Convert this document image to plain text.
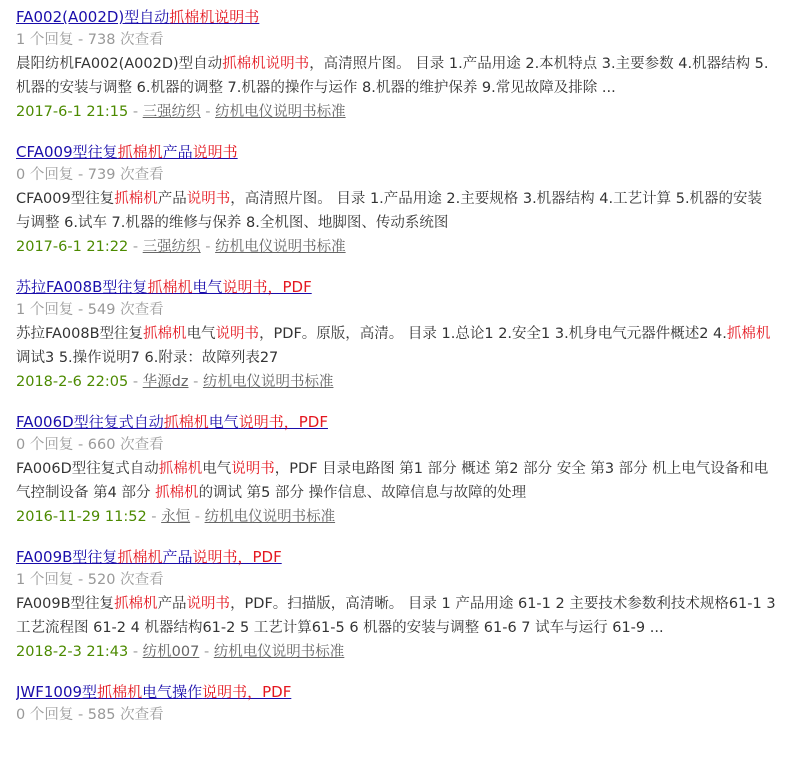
FA002(A002D)型自动抓棉机说明书
1 个回复 - 738 次查看
晨阳纺机FA002(A002D)型自动抓棉机说明书，高清照片图。 目录 1.产品用途 2.本机特点 3.主要参数 4.机器结构 5.机器的安装与调整 6.机器的调整 7.机器的操作与运作 8.机器的维护保养 9.常见故障及排除 ...
2017-6-1 21:15 - 三强纺织 - 纺机电仪说明书标准
CFA009型往复抓棉机产品说明书
0 个回复 - 739 次查看
CFA009型往复抓棉机产品说明书，高清照片图。 目录 1.产品用途 2.主要规格 3.机器结构 4.工艺计算 5.机器的安装与调整 6.试车 7.机器的维修与保养 8.全机图、地脚图、传动系统图
2017-6-1 21:22 - 三强纺织 - 纺机电仪说明书标准
苏拉FA008B型往复抓棉机电气说明书，PDF
1 个回复 - 549 次查看
苏拉FA008B型往复抓棉机电气说明书，PDF。原版，高清。 目录 1.总论1 2.安全1 3.机身电气元器件概述2 4.抓棉机调试3 5.操作说明7 6.附录：故障列表27
2018-2-6 22:05 - 华源dz - 纺机电仪说明书标准
FA006D型往复式自动抓棉机电气说明书，PDF
0 个回复 - 660 次查看
FA006D型往复式自动抓棉机电气说明书，PDF 目录电路图 第1 部分 概述 第2 部分 安全 第3 部分 机上电气设备和电气控制设备 第4 部分 抓棉机的调试 第5 部分 操作信息、故障信息与故障的处理
2016-11-29 11:52 - 永恒 - 纺机电仪说明书标准
FA009B型往复抓棉机产品说明书，PDF
1 个回复 - 520 次查看
FA009B型往复抓棉机产品说明书，PDF。扫描版，高清晰。 目录 1 产品用途 61-1 2 主要技术参数利技术规格61-1 3 工艺流程图 61-2 4 机器结构61-2 5 工艺计算61-5 6 机器的安装与调整 61-6 7 试车与运行 61-9 ...
2018-2-3 21:43 - 纺机007 - 纺机电仪说明书标准
JWF1009型抓棉机电气操作说明书，PDF
0 个回复 - 585 次查看
